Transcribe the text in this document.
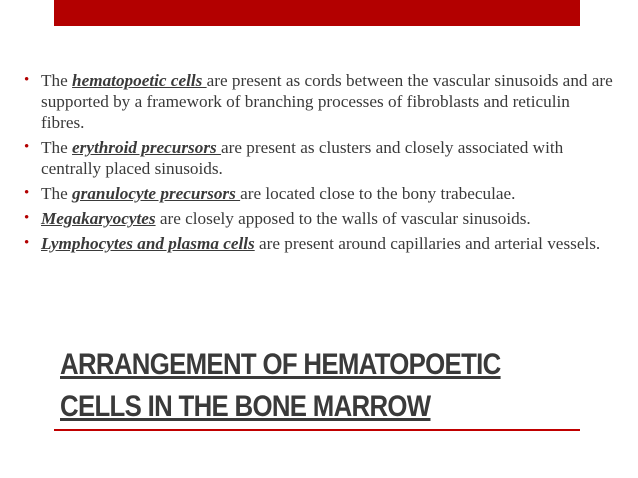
• The hematopoetic cells are present as cords between the vascular sinusoids and are supported by a framework of branching processes of fibroblasts and reticulin fibres.
• The erythroid precursors are present as clusters and closely associated with centrally placed sinusoids.
• The granulocyte precursors are located close to the bony trabeculae.
• Megakaryocytes are closely apposed to the walls of vascular sinusoids.
• Lymphocytes and plasma cells are present around capillaries and arterial vessels.
ARRANGEMENT OF HEMATOPOETIC
CELLS IN THE BONE MARROW
